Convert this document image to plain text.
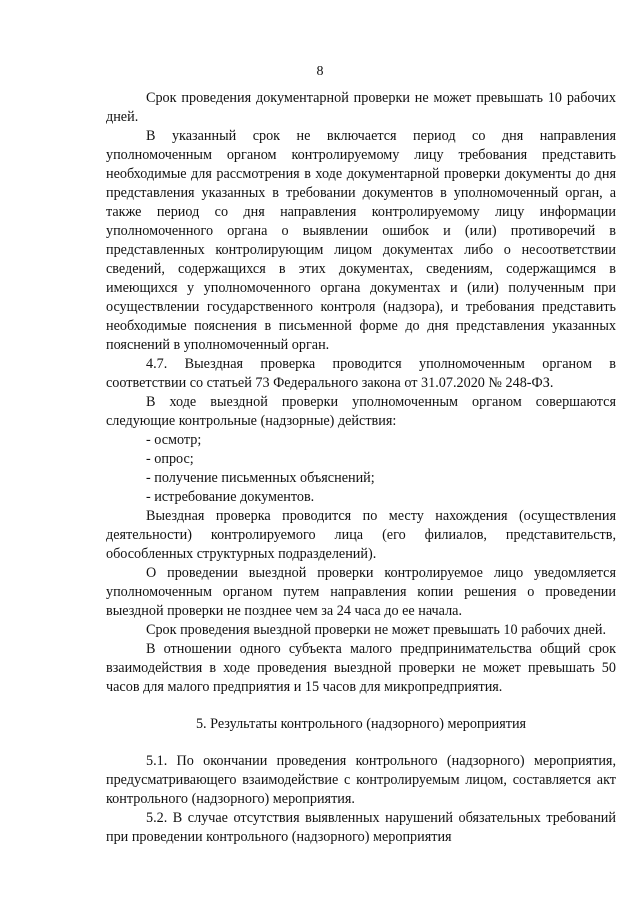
8

Срок проведения документарной проверки не может превышать 10 рабочих дней.

В указанный срок не включается период со дня направления уполномоченным органом контролируемому лицу требования представить необходимые для рассмотрения в ходе документарной проверки документы до дня представления указанных в требовании документов в уполномоченный орган, а также период со дня направления контролируемому лицу информации уполномоченного органа о выявлении ошибок и (или) противоречий в представленных контролирующим лицом документах либо о несоответствии сведений, содержащихся в этих документах, сведениям, содержащимся в имеющихся у уполномоченного органа документах и (или) полученным при осуществлении государственного контроля (надзора), и требования представить необходимые пояснения в письменной форме до дня представления указанных пояснений в уполномоченный орган.

4.7. Выездная проверка проводится уполномоченным органом в соответствии со статьей 73 Федерального закона от 31.07.2020 № 248-ФЗ.

В ходе выездной проверки уполномоченным органом совершаются следующие контрольные (надзорные) действия:

- осмотр;

- опрос;

- получение письменных объяснений;

- истребование документов.

Выездная проверка проводится по месту нахождения (осуществления деятельности) контролируемого лица (его филиалов, представительств, обособленных структурных подразделений).

О проведении выездной проверки контролируемое лицо уведомляется уполномоченным органом путем направления копии решения о проведении выездной проверки не позднее чем за 24 часа до ее начала.

Срок проведения выездной проверки не может превышать 10 рабочих дней.

В отношении одного субъекта малого предпринимательства общий срок взаимодействия в ходе проведения выездной проверки не может превышать 50 часов для малого предприятия и 15 часов для микропредприятия.

5. Результаты контрольного (надзорного) мероприятия

5.1. По окончании проведения контрольного (надзорного) мероприятия, предусматривающего взаимодействие с контролируемым лицом, составляется акт контрольного (надзорного) мероприятия.

5.2. В случае отсутствия выявленных нарушений обязательных требований при проведении контрольного (надзорного) мероприятия
